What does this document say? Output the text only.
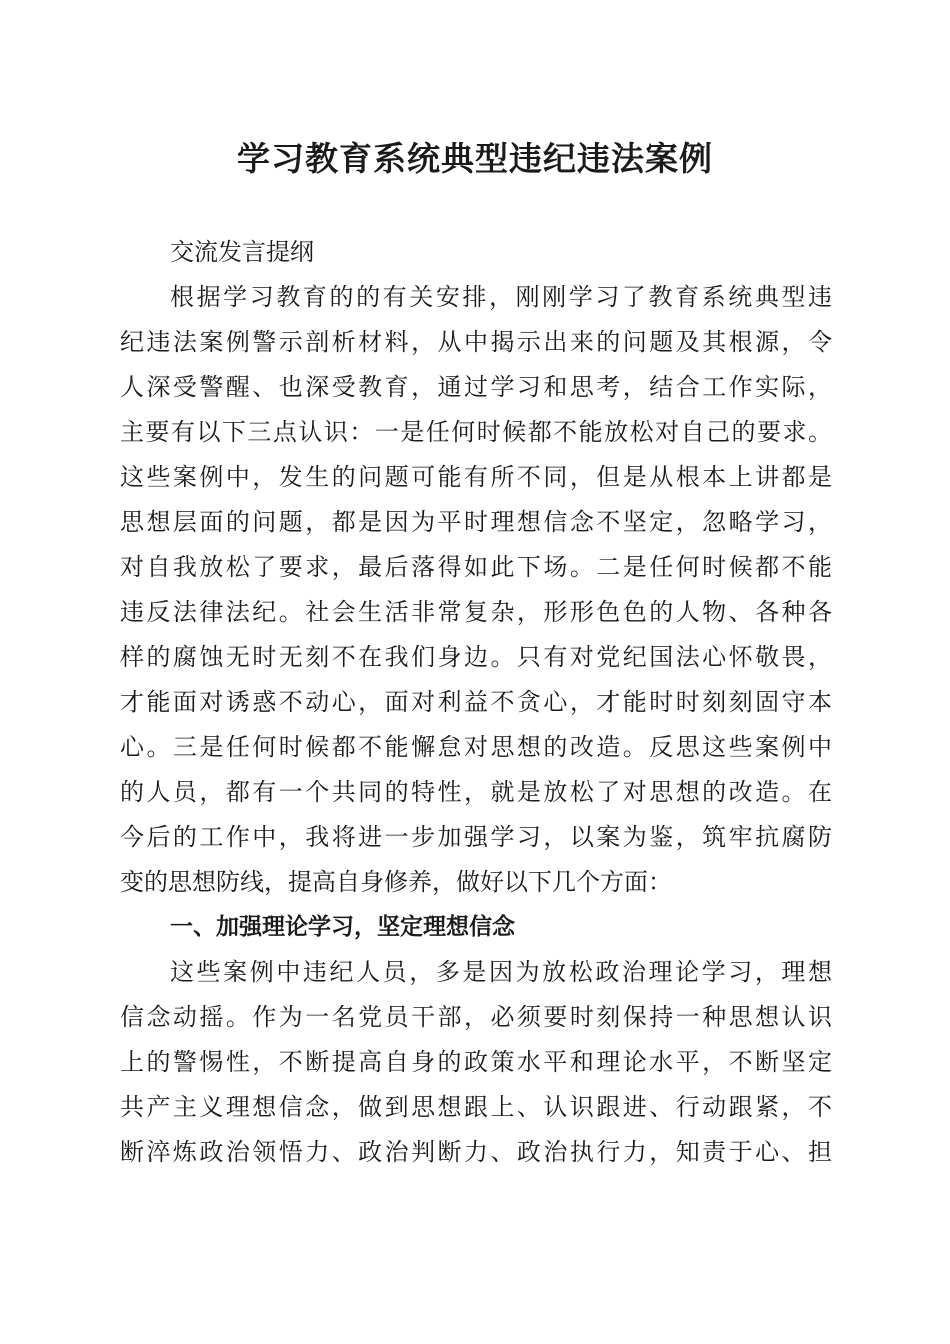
学习教育系统典型违纪违法案例
交流发言提纲
根据学习教育的的有关安排，刚刚学习了教育系统典型违
纪违法案例警示剖析材料，从中揭示出来的问题及其根源，令
人深受警醒、也深受教育，通过学习和思考，结合工作实际，
主要有以下三点认识：一是任何时候都不能放松对自己的要求。
这些案例中，发生的问题可能有所不同，但是从根本上讲都是
思想层面的问题，都是因为平时理想信念不坚定，忽略学习，
对自我放松了要求，最后落得如此下场。二是任何时候都不能
违反法律法纪。社会生活非常复杂，形形色色的人物、各种各
样的腐蚀无时无刻不在我们身边。只有对党纪国法心怀敬畏，
才能面对诱惑不动心，面对利益不贪心，才能时时刻刻固守本
心。三是任何时候都不能懈怠对思想的改造。反思这些案例中
的人员，都有一个共同的特性，就是放松了对思想的改造。在
今后的工作中，我将进一步加强学习，以案为鉴，筑牢抗腐防
变的思想防线，提高自身修养，做好以下几个方面：
一、加强理论学习，坚定理想信念
这些案例中违纪人员，多是因为放松政治理论学习，理想
信念动摇。作为一名党员干部，必须要时刻保持一种思想认识
上的警惕性，不断提高自身的政策水平和理论水平，不断坚定
共产主义理想信念，做到思想跟上、认识跟进、行动跟紧，不
断淬炼政治领悟力、政治判断力、政治执行力，知责于心、担
